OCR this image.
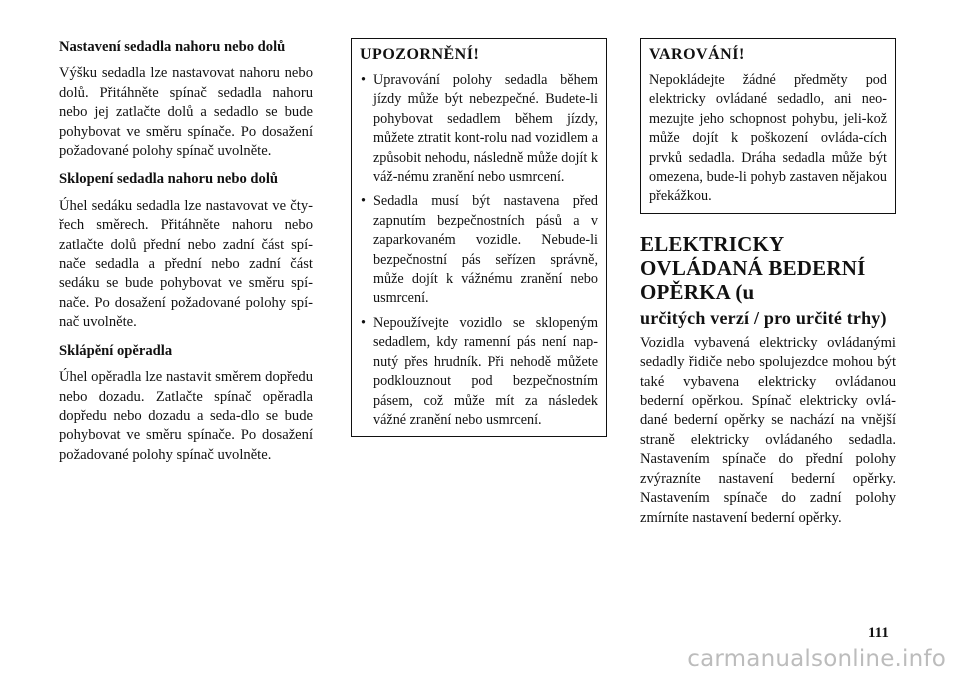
Nastavení sedadla nahoru nebo dolů

Výšku sedadla lze nastavovat nahoru nebo dolů. Přitáhněte spínač sedadla nahoru nebo jej zatlačte dolů a sedadlo se bude pohybovat ve směru spínače. Po dosažení požadované polohy spínač uvolněte.

Sklopení sedadla nahoru nebo dolů

Úhel sedáku sedadla lze nastavovat ve čty-řech směrech. Přitáhněte nahoru nebo zatlačte dolů přední nebo zadní část spí-nače sedadla a přední nebo zadní část sedáku se bude pohybovat ve směru spí-nače. Po dosažení požadované polohy spí-nač uvolněte.

Sklápění opěradla

Úhel opěradla lze nastavit směrem dopředu nebo dozadu. Zatlačte spínač opěradla dopředu nebo dozadu a seda-dlo se bude pohybovat ve směru spínače. Po dosažení požadované polohy spínač uvolněte.

UPOZORNĚNÍ!
• Upravování polohy sedadla během jízdy může být nebezpečné. Budete-li pohybovat sedadlem během jízdy, můžete ztratit kont-rolu nad vozidlem a způsobit nehodu, následně může dojít k váž-nému zranění nebo usmrcení.
• Sedadla musí být nastavena před zapnutím bezpečnostních pásů a v zaparkovaném vozidle. Nebude-li bezpečnostní pás seřízen správně, může dojít k vážnému zranění nebo usmrcení.
• Nepoužívejte vozidlo se sklopeným sedadlem, kdy ramenní pás není nap-nutý přes hrudník. Při nehodě můžete podklouznout pod bezpečnostním pásem, což může mít za následek vážné zranění nebo usmrcení.
VAROVÁNÍ!

Nepokládejte žádné předměty pod elektricky ovládané sedadlo, ani neo-mezujte jeho schopnost pohybu, jeli-kož může dojít k poškození ovláda-cích prvků sedadla. Dráha sedadla může být omezena, bude-li pohyb zastaven nějakou překážkou.

ELEKTRICKY OVLÁDANÁ BEDERNÍ OPĚRKA (u
určitých verzí / pro určité trhy)

Vozidla vybavená elektricky ovládanými sedadly řidiče nebo spolujezdce mohou být také vybavena elektricky ovládanou bederní opěrkou. Spínač elektricky ovlá-dané bederní opěrky se nachází na vnější straně elektricky ovládaného sedadla. Nastavením spínače do přední polohy zvýrazníte nastavení bederní opěrky. Nastavením spínače do zadní polohy zmírníte nastavení bederní opěrky.

111
carmanualsonline.info
